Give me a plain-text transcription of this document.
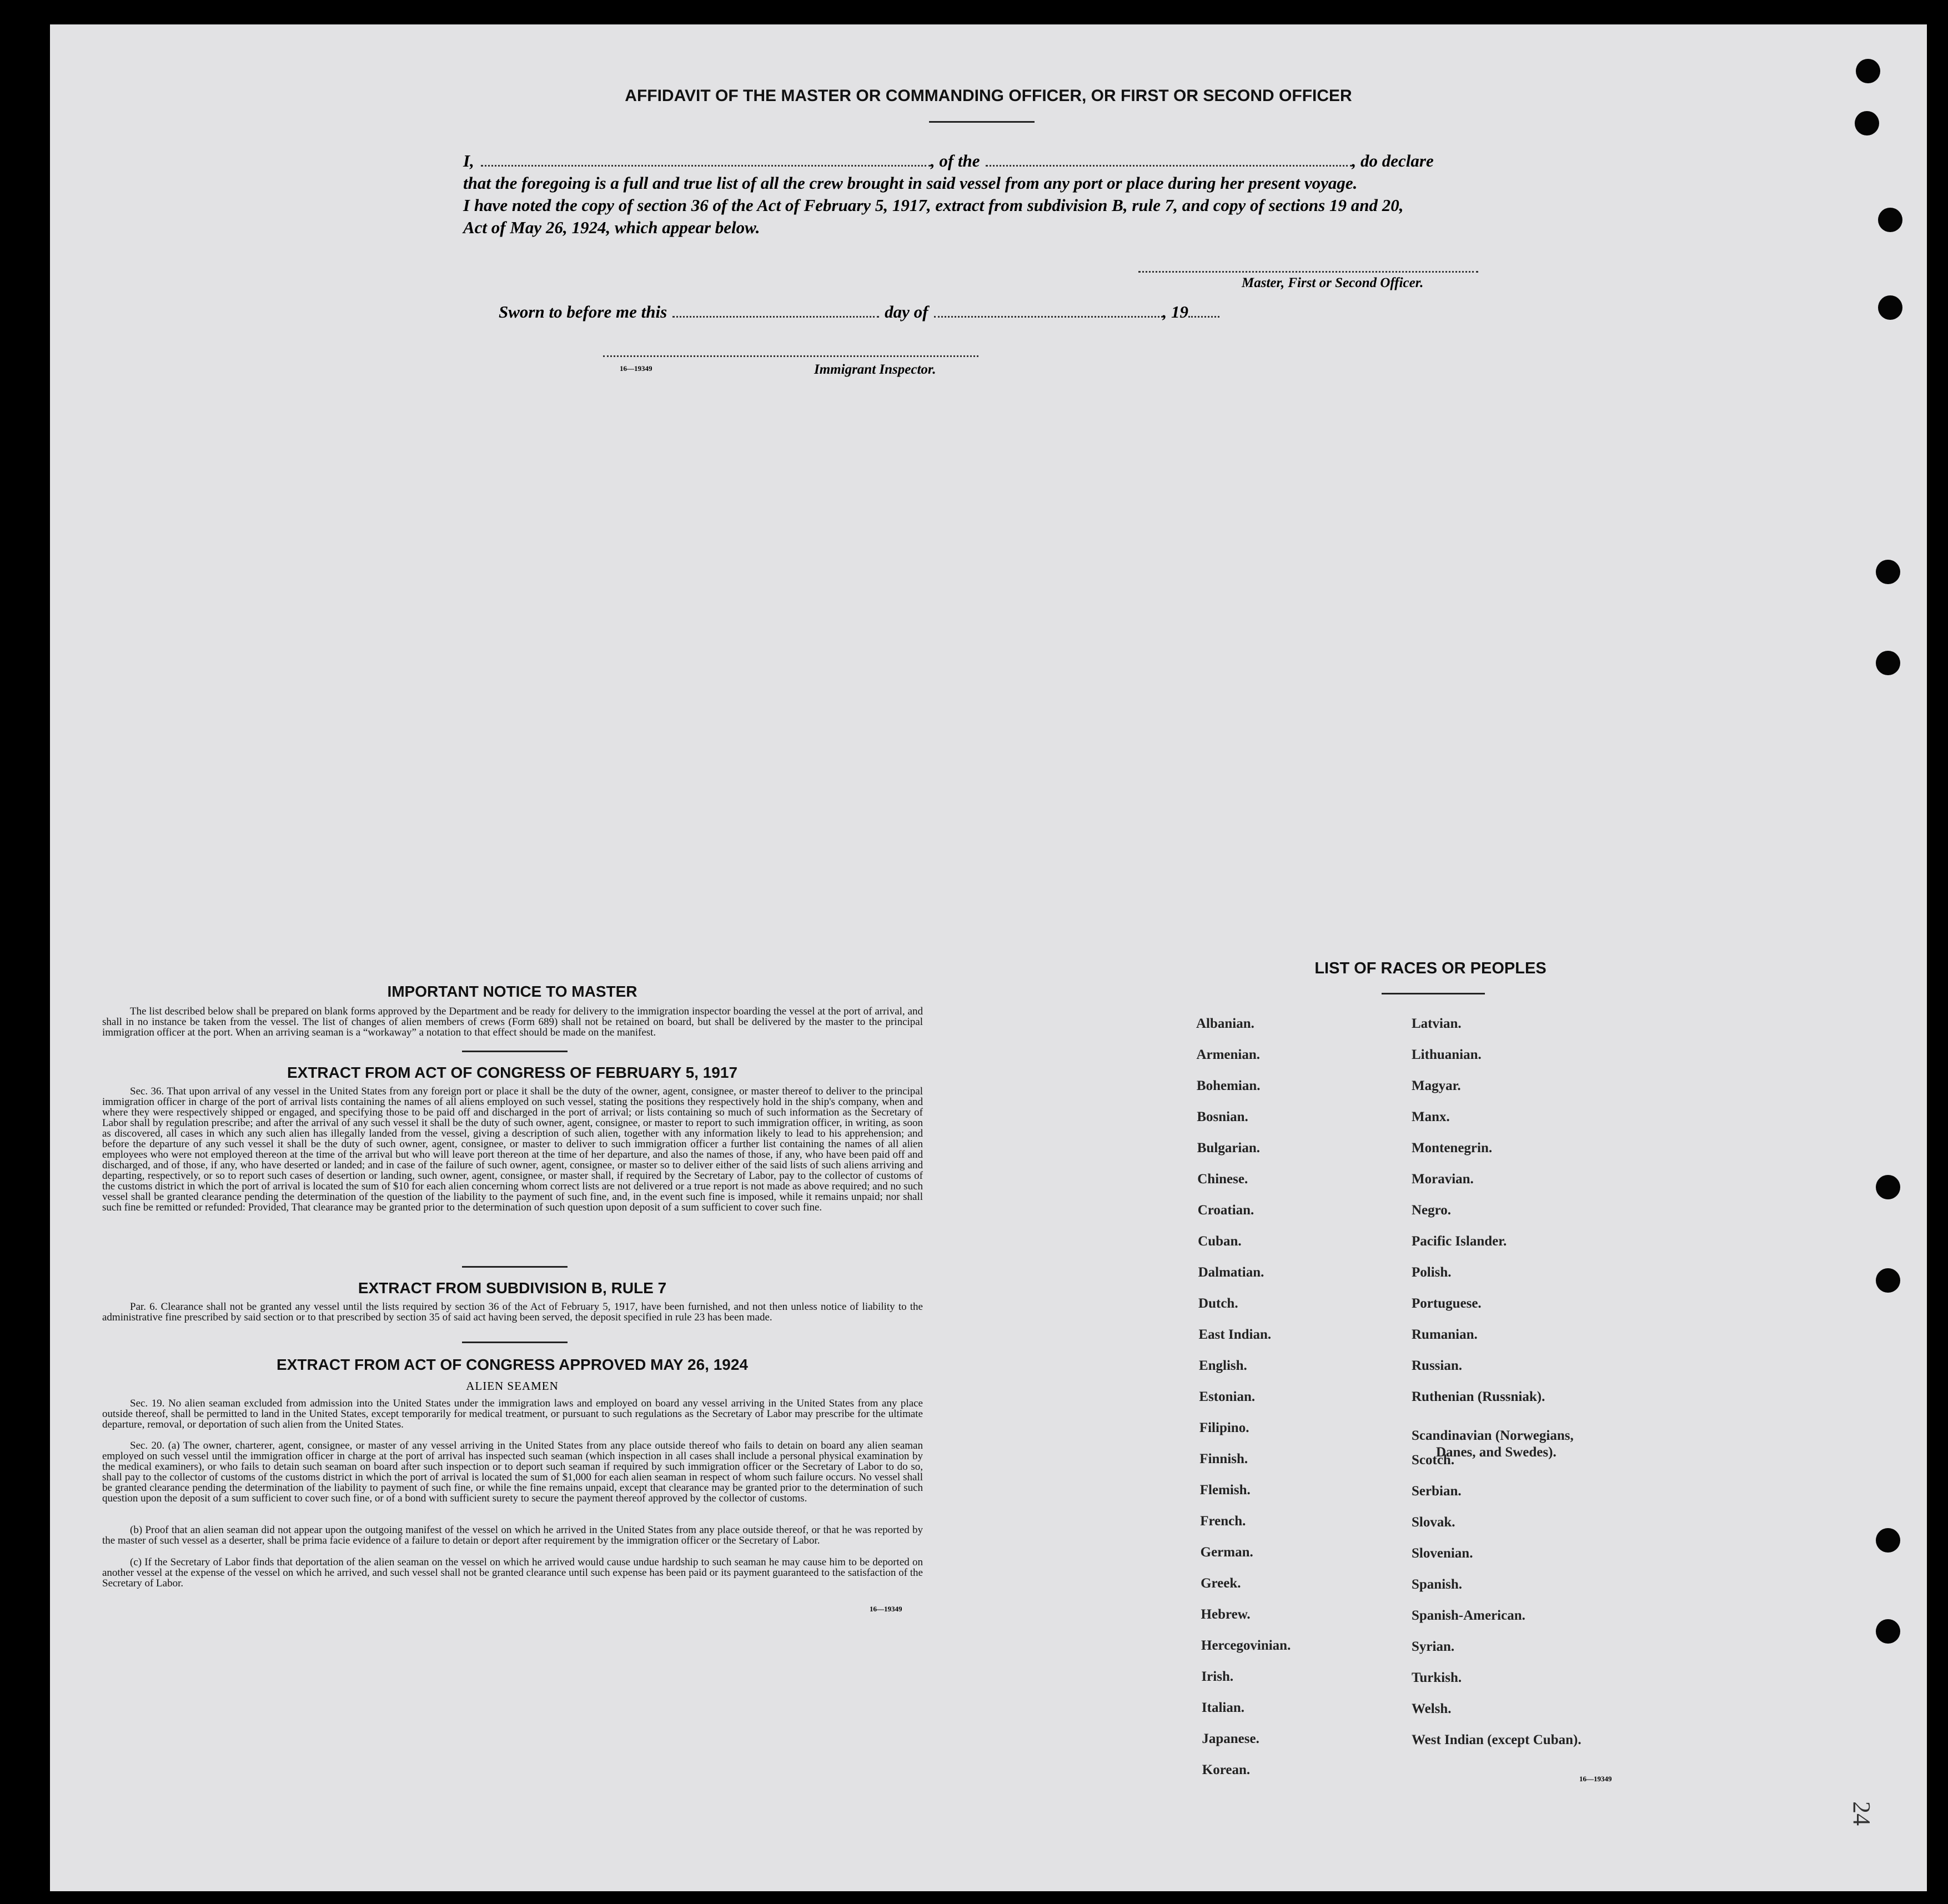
AFFIDAVIT OF THE MASTER OR COMMANDING OFFICER, OR FIRST OR SECOND OFFICER
I,	, of the	, do declare
that the foregoing is a full and true list of all the crew brought in said vessel from any port or place during her present voyage.
I have noted the copy of section 36 of the Act of February 5, 1917, extract from subdivision B, rule 7, and copy of sections 19 and 20,
Act of May 26, 1924, which appear below.
Master, First or Second Officer.
Sworn to before me this	day of	, 19
16—19349	Immigrant Inspector.
IMPORTANT NOTICE TO MASTER

The list described below shall be prepared on blank forms approved by the Department and be ready for delivery to the immigration inspector boarding the vessel at the port of arrival, and shall in no instance be taken from the vessel. The list of changes of alien members of crews (Form 689) shall not be retained on board, but shall be delivered by the master to the principal immigration officer at the port. When an arriving seaman is a “workaway” a notation to that effect should be made on the manifest.

EXTRACT FROM ACT OF CONGRESS OF FEBRUARY 5, 1917

Sec. 36. That upon arrival of any vessel in the United States from any foreign port or place it shall be the duty of the owner, agent, consignee, or master thereof to deliver to the principal immigration officer in charge of the port of arrival lists containing the names of all aliens employed on such vessel, stating the positions they respectively hold in the ship's company, when and where they were respectively shipped or engaged, and specifying those to be paid off and discharged in the port of arrival; or lists containing so much of such information as the Secretary of Labor shall by regulation prescribe; and after the arrival of any such vessel it shall be the duty of such owner, agent, consignee, or master to report to such immigration officer, in writing, as soon as discovered, all cases in which any such alien has illegally landed from the vessel, giving a description of such alien, together with any information likely to lead to his apprehension; and before the departure of any such vessel it shall be the duty of such owner, agent, consignee, or master to deliver to such immigration officer a further list containing the names of all alien employees who were not employed thereon at the time of the arrival but who will leave port thereon at the time of her departure, and also the names of those, if any, who have been paid off and discharged, and of those, if any, who have deserted or landed; and in case of the failure of such owner, agent, consignee, or master so to deliver either of the said lists of such aliens arriving and departing, respectively, or so to report such cases of desertion or landing, such owner, agent, consignee, or master shall, if required by the Secretary of Labor, pay to the collector of customs of the customs district in which the port of arrival is located the sum of $10 for each alien concerning whom correct lists are not delivered or a true report is not made as above required; and no such vessel shall be granted clearance pending the determination of the question of the liability to the payment of such fine, and, in the event such fine is imposed, while it remains unpaid; nor shall such fine be remitted or refunded: Provided, That clearance may be granted prior to the determination of such question upon deposit of a sum sufficient to cover such fine.

EXTRACT FROM SUBDIVISION B, RULE 7

Par. 6. Clearance shall not be granted any vessel until the lists required by section 36 of the Act of February 5, 1917, have been furnished, and not then unless notice of liability to the administrative fine prescribed by said section or to that prescribed by section 35 of said act having been served, the deposit specified in rule 23 has been made.

EXTRACT FROM ACT OF CONGRESS APPROVED MAY 26, 1924
ALIEN SEAMEN

Sec. 19. No alien seaman excluded from admission into the United States under the immigration laws and employed on board any vessel arriving in the United States from any place outside thereof, shall be permitted to land in the United States, except temporarily for medical treatment, or pursuant to such regulations as the Secretary of Labor may prescribe for the ultimate departure, removal, or deportation of such alien from the United States.

Sec. 20. (a) The owner, charterer, agent, consignee, or master of any vessel arriving in the United States from any place outside thereof who fails to detain on board any alien seaman employed on such vessel until the immigration officer in charge at the port of arrival has inspected such seaman (which inspection in all cases shall include a personal physical examination by the medical examiners), or who fails to detain such seaman on board after such inspection or to deport such seaman if required by such immigration officer or the Secretary of Labor to do so, shall pay to the collector of customs of the customs district in which the port of arrival is located the sum of $1,000 for each alien seaman in respect of whom such failure occurs. No vessel shall be granted clearance pending the determination of the liability to payment of such fine, or while the fine remains unpaid, except that clearance may be granted prior to the determination of such question upon the deposit of a sum sufficient to cover such fine, or of a bond with sufficient surety to secure the payment thereof approved by the collector of customs.

(b) Proof that an alien seaman did not appear upon the outgoing manifest of the vessel on which he arrived in the United States from any place outside thereof, or that he was reported by the master of such vessel as a deserter, shall be prima facie evidence of a failure to detain or deport after requirement by the immigration officer or the Secretary of Labor.

(c) If the Secretary of Labor finds that deportation of the alien seaman on the vessel on which he arrived would cause undue hardship to such seaman he may cause him to be deported on another vessel at the expense of the vessel on which he arrived, and such vessel shall not be granted clearance until such expense has been paid or its payment guaranteed to the satisfaction of the Secretary of Labor.

16—19349
LIST OF RACES OR PEOPLES
Albanian.
Armenian.
Bohemian.
Bosnian.
Bulgarian.
Chinese.
Croatian.
Cuban.
Dalmatian.
Dutch.
East Indian.
English.
Estonian.
Filipino.
Finnish.
Flemish.
French.
German.
Greek.
Hebrew.
Hercegovinian.
Irish.
Italian.
Japanese.
Korean.
Latvian.
Lithuanian.
Magyar.
Manx.
Montenegrin.
Moravian.
Negro.
Pacific Islander.
Polish.
Portuguese.
Rumanian.
Russian.
Ruthenian (Russniak).
Scandinavian (Norwegians,
Danes, and Swedes).
Scotch.
Serbian.
Slovak.
Slovenian.
Spanish.
Spanish-American.
Syrian.
Turkish.
Welsh.
West Indian (except Cuban).
16—19349
24
